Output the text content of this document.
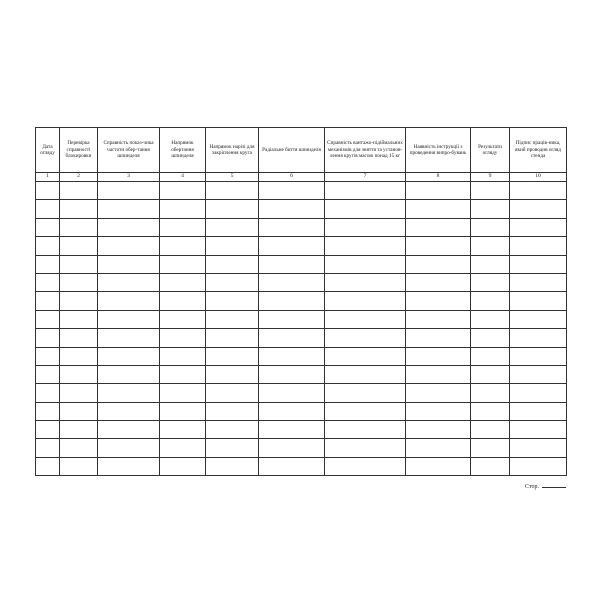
Дата огляду	Перевірка справності блокировки	Справність показ-чика частоти обер-тання шпинделя	Напрямок обертання шпинделя	Напрямок нарізі для закріплення круга	Радіальне биття шпинделя	Справність вантажо-підіймальних механізмів для зняття та установ-лення кругів масою понад 15 кг	Наявність інструкції з проведення випро-бувань	Результати огляду	Підпис праців-ника, який проводив огляд стенда
1	2	3	4	5	6	7	8	9	10

Стор.
